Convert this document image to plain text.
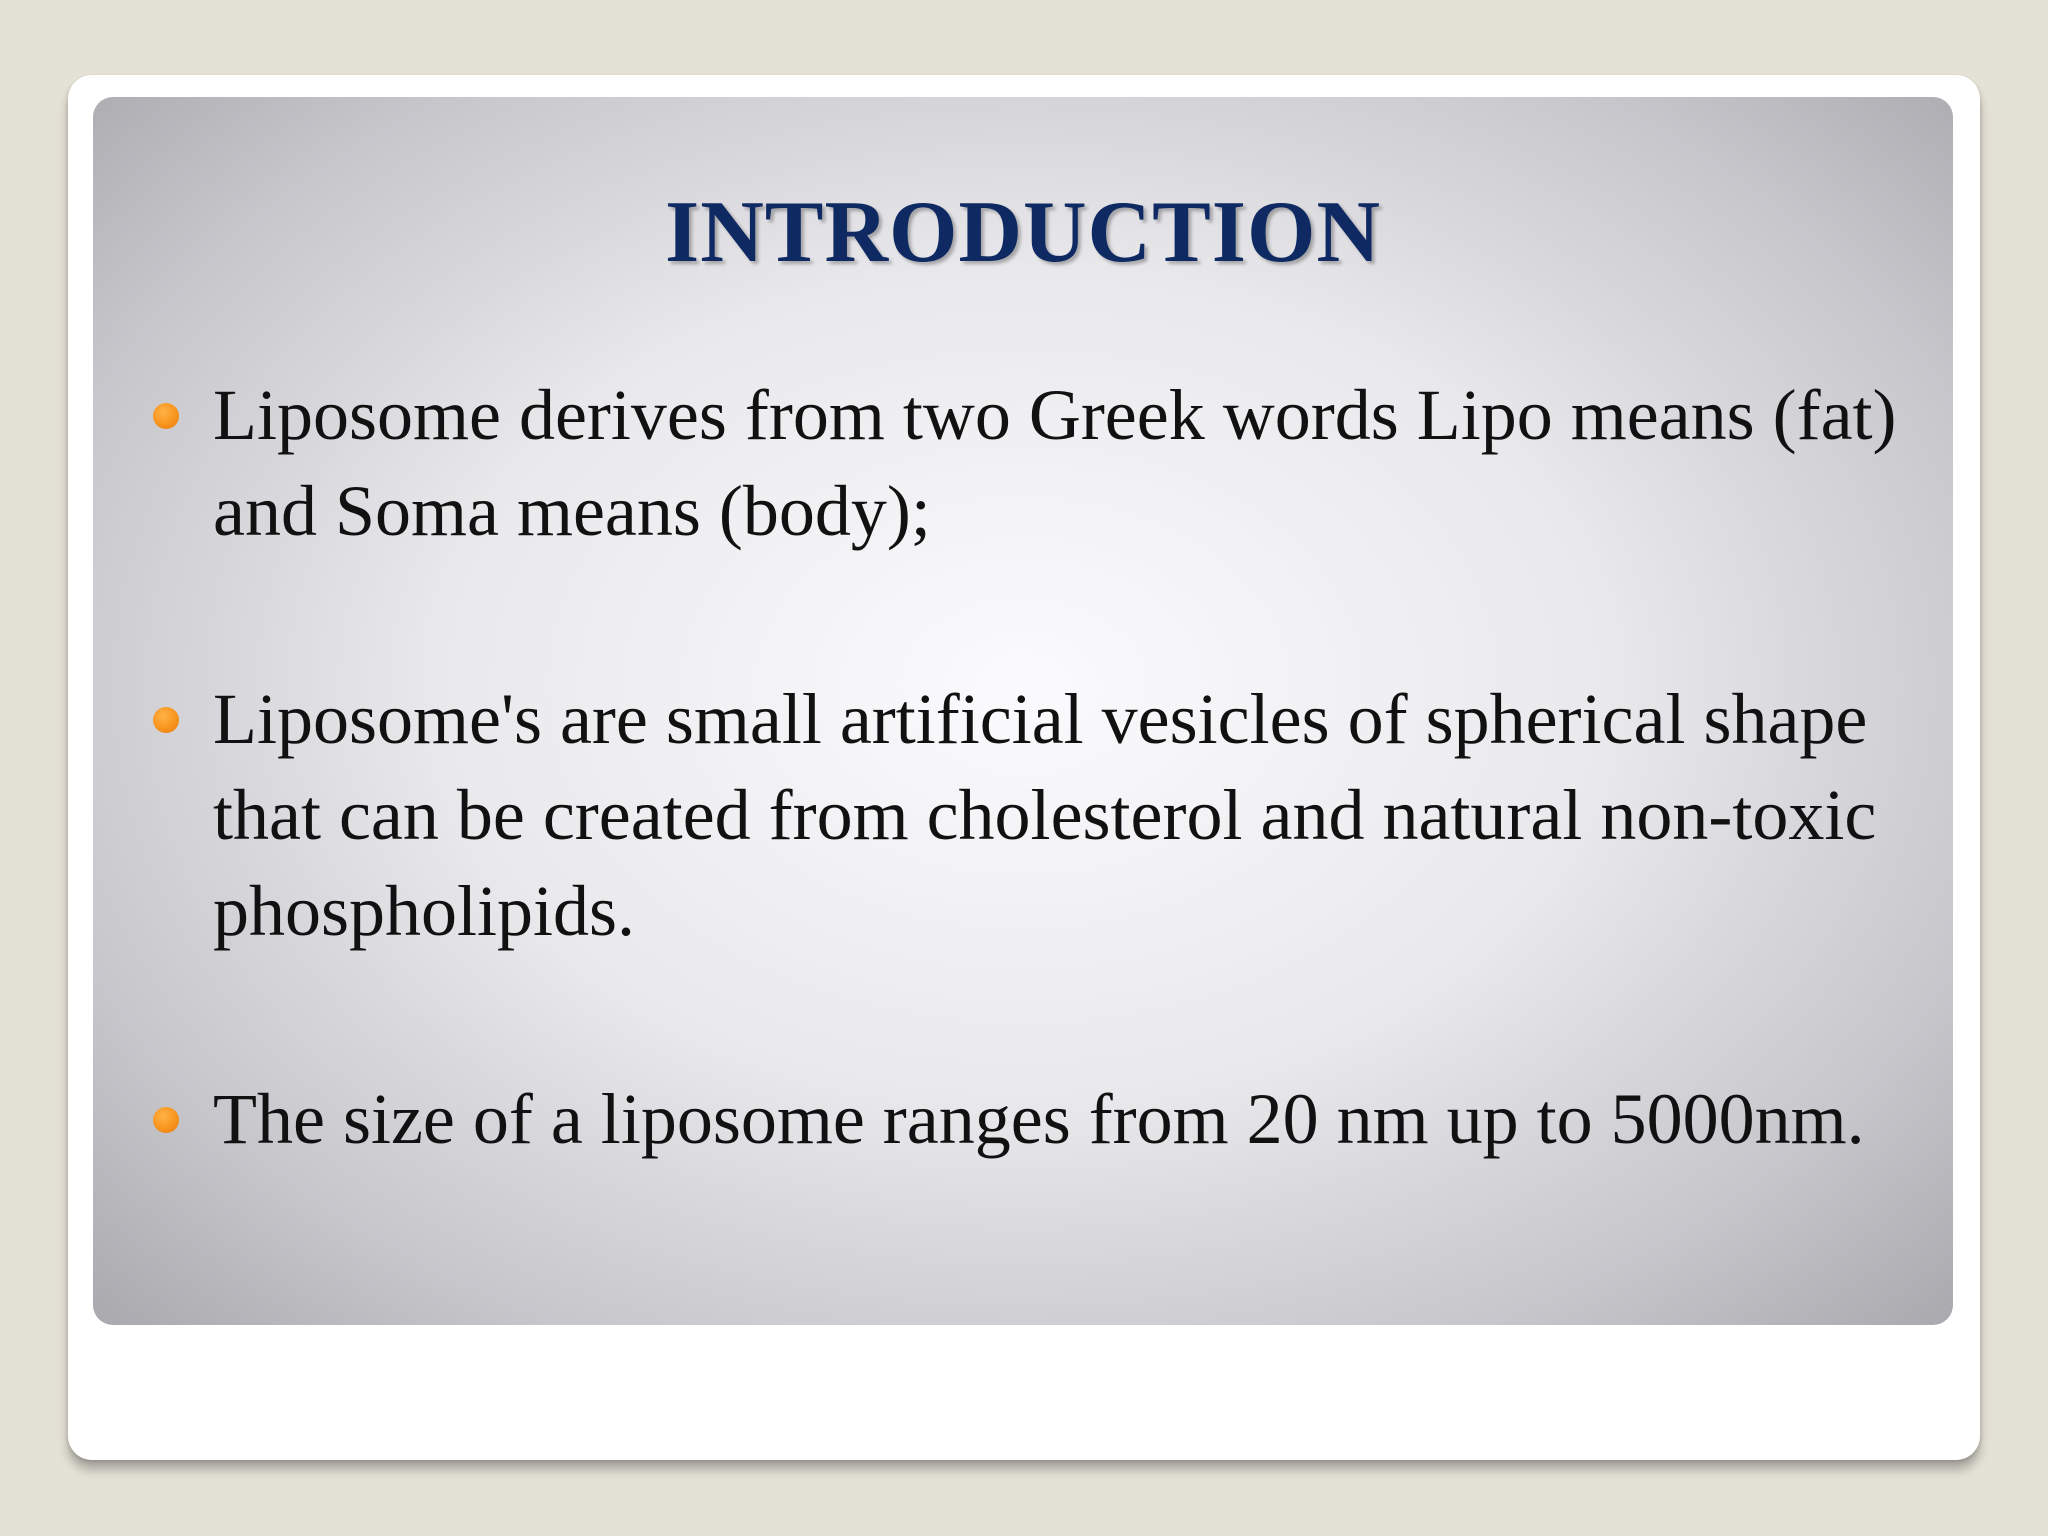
INTRODUCTION
Liposome derives from two Greek words Lipo means (fat) and Soma means (body);
Liposome's are small artificial vesicles of spherical shape that can be created from cholesterol and natural non-toxic phospholipids.
The size of a liposome ranges from 20 nm up to 5000nm.
